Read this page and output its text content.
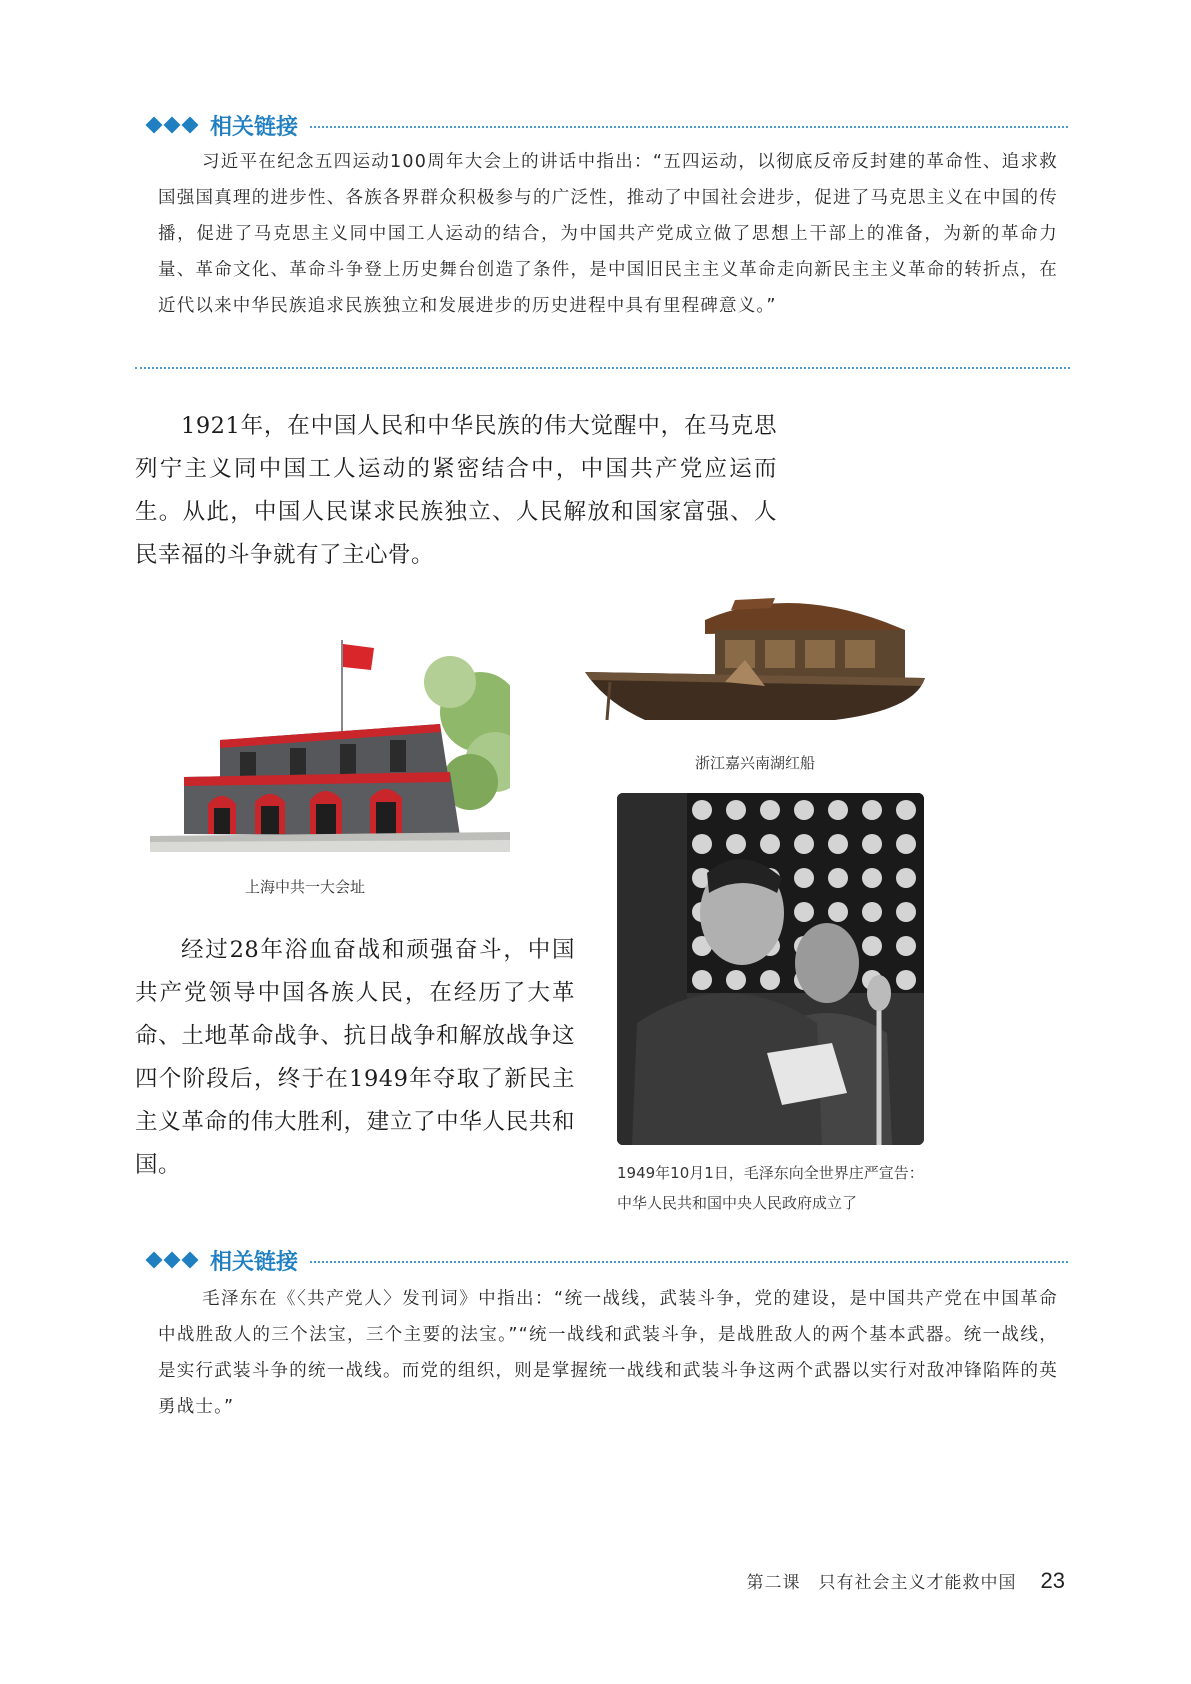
相关链接

习近平在纪念五四运动100周年大会上的讲话中指出：“五四运动，以彻底反帝反封建的革命性、追求救国强国真理的进步性、各族各界群众积极参与的广泛性，推动了中国社会进步，促进了马克思主义在中国的传播，促进了马克思主义同中国工人运动的结合，为中国共产党成立做了思想上干部上的准备，为新的革命力量、革命文化、革命斗争登上历史舞台创造了条件，是中国旧民主主义革命走向新民主主义革命的转折点，在近代以来中华民族追求民族独立和发展进步的历史进程中具有里程碑意义。”

1921年，在中国人民和中华民族的伟大觉醒中，在马克思列宁主义同中国工人运动的紧密结合中，中国共产党应运而生。从此，中国人民谋求民族独立、人民解放和国家富强、人民幸福的斗争就有了主心骨。

上海中共一大会址
浙江嘉兴南湖红船
1949年10月1日，毛泽东向全世界庄严宣告：中华人民共和国中央人民政府成立了

经过28年浴血奋战和顽强奋斗，中国共产党领导中国各族人民，在经历了大革命、土地革命战争、抗日战争和解放战争这四个阶段后，终于在1949年夺取了新民主主义革命的伟大胜利，建立了中华人民共和国。

相关链接

毛泽东在《〈共产党人〉发刊词》中指出：“统一战线，武装斗争，党的建设，是中国共产党在中国革命中战胜敌人的三个法宝，三个主要的法宝。”“统一战线和武装斗争，是战胜敌人的两个基本武器。统一战线，是实行武装斗争的统一战线。而党的组织，则是掌握统一战线和武装斗争这两个武器以实行对敌冲锋陷阵的英勇战士。”

第二课　只有社会主义才能救中国 23
